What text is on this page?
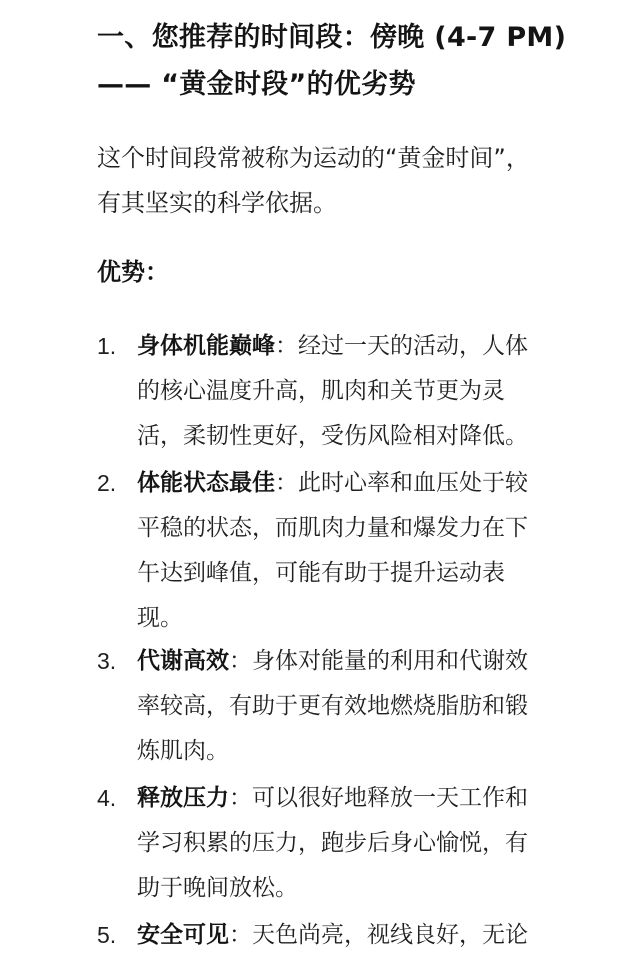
一、您推荐的时间段：傍晚 (4-7 PM)
—— “黄金时段”的优劣势

这个时间段常被称为运动的“黄金时间”，
有其坚实的科学依据。

优势：

1. 身体机能巅峰：经过一天的活动，人体
的核心温度升高，肌肉和关节更为灵
活，柔韧性更好，受伤风险相对降低。
2. 体能状态最佳：此时心率和血压处于较
平稳的状态，而肌肉力量和爆发力在下
午达到峰值，可能有助于提升运动表
现。
3. 代谢高效：身体对能量的利用和代谢效
率较高，有助于更有效地燃烧脂肪和锻
炼肌肉。
4. 释放压力：可以很好地释放一天工作和
学习积累的压力，跑步后身心愉悦，有
助于晚间放松。
5. 安全可见：天色尚亮，视线良好，无论
